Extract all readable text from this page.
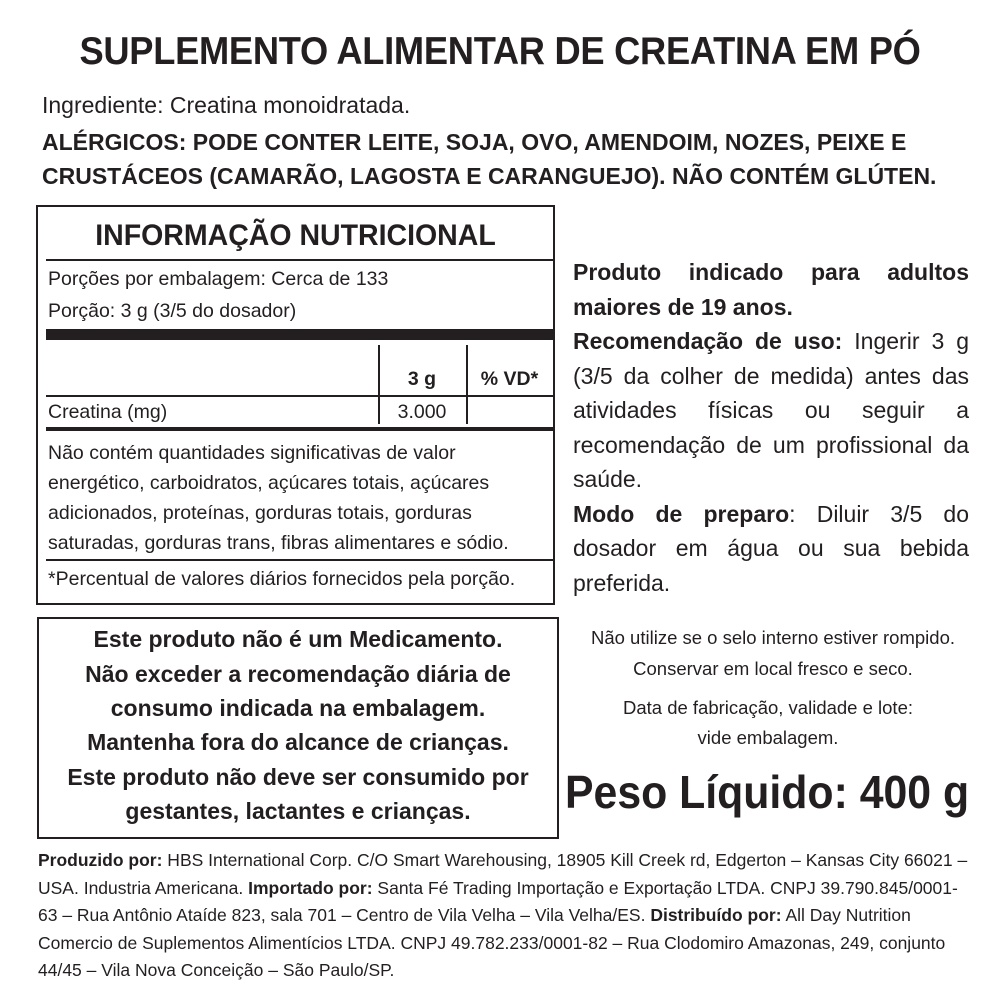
SUPLEMENTO ALIMENTAR DE CREATINA EM PÓ
Ingrediente: Creatina monoidratada.
ALÉRGICOS: PODE CONTER LEITE, SOJA, OVO, AMENDOIM, NOZES, PEIXE E
CRUSTÁCEOS (CAMARÃO, LAGOSTA E CARANGUEJO). NÃO CONTÉM GLÚTEN.
INFORMAÇÃO NUTRICIONAL
Porções por embalagem: Cerca de 133
Porção: 3 g (3/5 do dosador)
3 g	% VD*
Creatina (mg)	3.000
Não contém quantidades significativas de valor
energético, carboidratos, açúcares totais, açúcares
adicionados, proteínas, gorduras totais, gorduras
saturadas, gorduras trans, fibras alimentares e sódio.
*Percentual de valores diários fornecidos pela porção.

Produto indicado para adultos maiores de 19 anos.

Recomendação de uso: Ingerir 3 g (3/5 da colher de medida) antes das atividades físicas ou seguir a recomendação de um profissional da saúde.

Modo de preparo: Diluir 3/5 do dosador em água ou sua bebida preferida.

Este produto não é um Medicamento.
Não exceder a recomendação diária de
consumo indicada na embalagem.
Mantenha fora do alcance de crianças.
Este produto não deve ser consumido por
gestantes, lactantes e crianças.
Não utilize se o selo interno estiver rompido.
Conservar em local fresco e seco.
Data de fabricação, validade e lote:
vide embalagem.
Peso Líquido: 400 g
Produzido por: HBS International Corp. C/O Smart Warehousing, 18905 Kill Creek rd, Edgerton – Kansas City 66021 – USA. Industria Americana. Importado por: Santa Fé Trading Importação e Exportação LTDA. CNPJ 39.790.845/0001-63 – Rua Antônio Ataíde 823, sala 701 – Centro de Vila Velha – Vila Velha/ES. Distribuído por: All Day Nutrition Comercio de Suplementos Alimentícios LTDA. CNPJ 49.782.233/0001-82 – Rua Clodomiro Amazonas, 249, conjunto 44/45 – Vila Nova Conceição – São Paulo/SP.
